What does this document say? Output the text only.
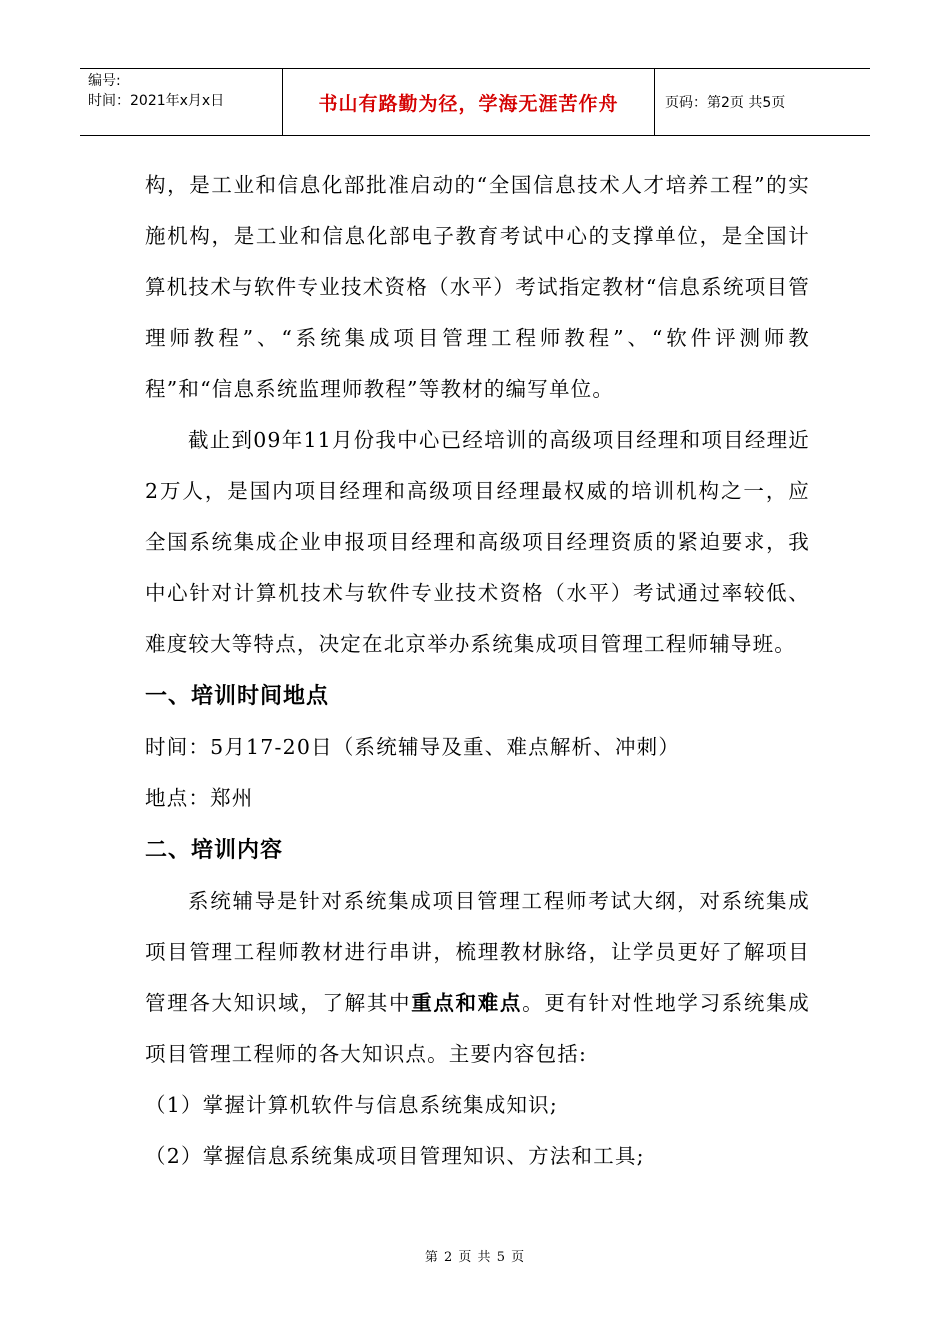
编号:
时间：2021年x月x日	书山有路勤为径，学海无涯苦作舟	页码：第2页 共5页

构，是工业和信息化部批准启动的“全国信息技术人才培养工程”的实施机构，是工业和信息化部电子教育考试中心的支撑单位，是全国计算机技术与软件专业技术资格（水平）考试指定教材“信息系统项目管理师教程”、“系统集成项目管理工程师教程”、“软件评测师教程”和“信息系统监理师教程”等教材的编写单位。

截止到09年11月份我中心已经培训的高级项目经理和项目经理近2万人，是国内项目经理和高级项目经理最权威的培训机构之一，应全国系统集成企业申报项目经理和高级项目经理资质的紧迫要求，我中心针对计算机技术与软件专业技术资格（水平）考试通过率较低、难度较大等特点，决定在北京举办系统集成项目管理工程师辅导班。

一、培训时间地点

时间：5月17-20日（系统辅导及重、难点解析、冲刺）

地点：郑州

二、培训内容

系统辅导是针对系统集成项目管理工程师考试大纲，对系统集成项目管理工程师教材进行串讲，梳理教材脉络，让学员更好了解项目管理各大知识域，了解其中重点和难点。更有针对性地学习系统集成项目管理工程师的各大知识点。主要内容包括:

（1）掌握计算机软件与信息系统集成知识;

（2）掌握信息系统集成项目管理知识、方法和工具;

第 2 页 共 5 页
